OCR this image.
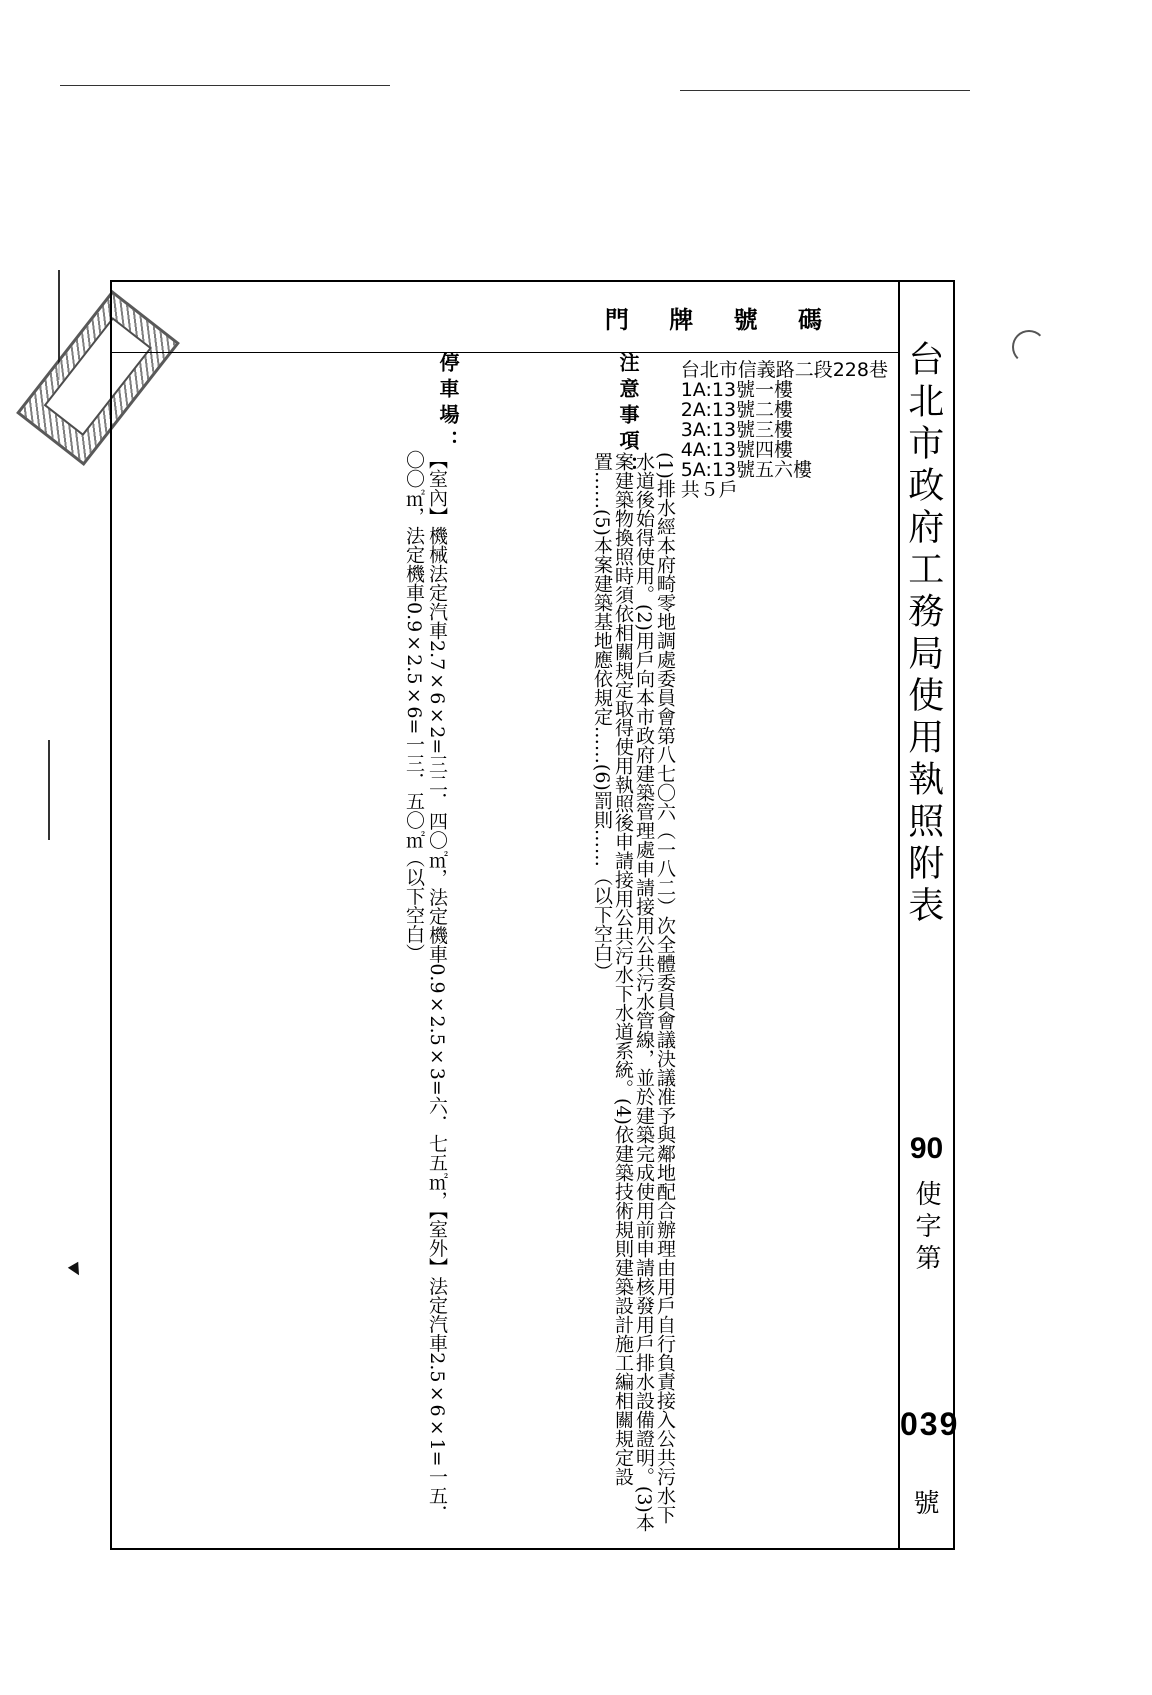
台北市政府工務局使用執照附表
90
使字第
039
號
門 牌 號 碼
台北市信義路二段228巷
1A:13號一樓
2A:13號二樓
3A:13號三樓
4A:13號四樓
5A:13號五六樓
共５戶
注意事項：
(1)排水經本府畸零地調處委員會第八七〇六（一八二）次全體委員會議決議准予與鄰地配合辦理由用戶自行負責接入公共污水下水道後始得使用。(2)用戶向本市政府建築管理處申請接用公共污水管線，並於建築完成使用前申請核發用戶排水設備證明。(3)本案建築物換照時須依相關規定取得使用執照後申請接用公共污水下水道系統。(4)依建築技術規則建築設計施工編相關規定設置……(5)本案建築基地應依規定……(6)罰則……（以下空白）
停車場：
【室內】機械法定汽車2.7×6×2=三二．四〇㎡，法定機車0.9×2.5×3=六．七五㎡，【室外】法定汽車2.5×6×1=一五．〇〇㎡，法定機車0.9×2.5×6=一三．五〇㎡（以下空白）
